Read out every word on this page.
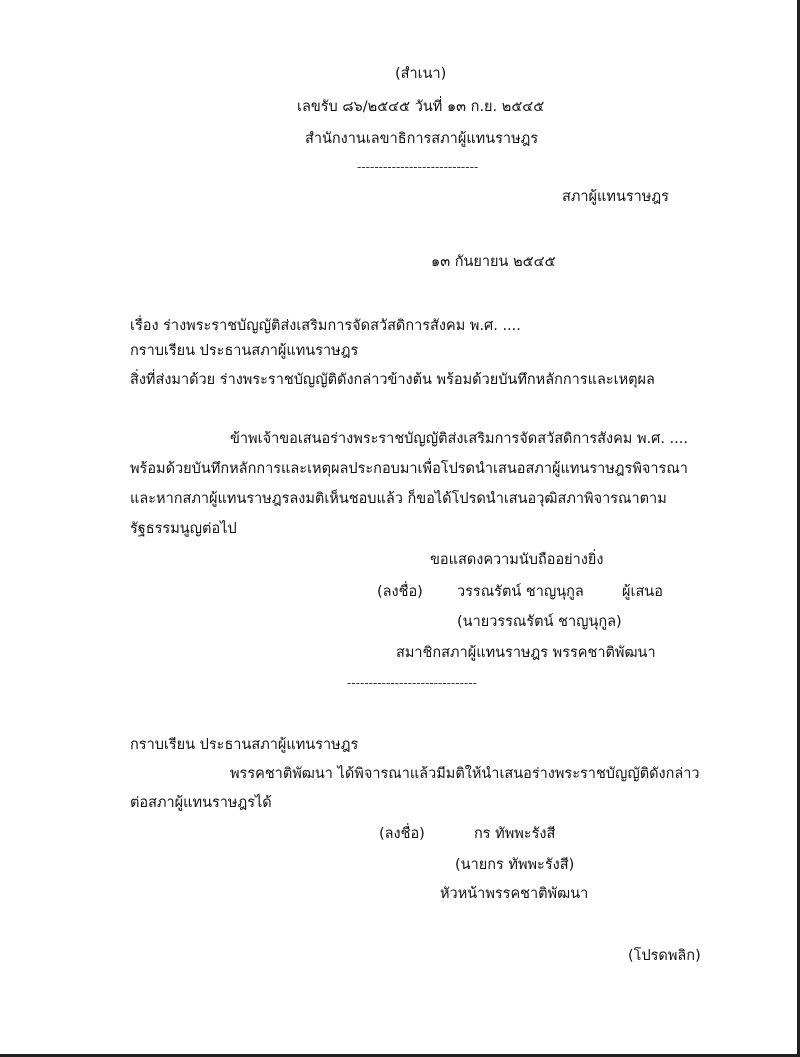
(สำเนา)
เลขรับ ๘๖/๒๕๔๕ วันที่ ๑๓ ก.ย. ๒๕๔๕
สำนักงานเลขาธิการสภาผู้แทนราษฎร
----------------------------
สภาผู้แทนราษฎร
๑๓ กันยายน ๒๕๔๕
เรื่อง ร่างพระราชบัญญัติส่งเสริมการจัดสวัสดิการสังคม พ.ศ. ....
กราบเรียน ประธานสภาผู้แทนราษฎร
สิ่งที่ส่งมาด้วย ร่างพระราชบัญญัติดังกล่าวข้างต้น พร้อมด้วยบันทึกหลักการและเหตุผล
ข้าพเจ้าขอเสนอร่างพระราชบัญญัติส่งเสริมการจัดสวัสดิการสังคม พ.ศ. ....
พร้อมด้วยบันทึกหลักการและเหตุผลประกอบมาเพื่อโปรดนำเสนอสภาผู้แทนราษฎรพิจารณา
และหากสภาผู้แทนราษฎรลงมติเห็นชอบแล้ว ก็ขอได้โปรดนำเสนอวุฒิสภาพิจารณาตาม
รัฐธรรมนูญต่อไป
ขอแสดงความนับถืออย่างยิ่ง
(ลงชื่อ) วรรณรัตน์ ชาญนุกูล	ผู้เสนอ
(นายวรรณรัตน์ ชาญนุกูล)
สมาชิกสภาผู้แทนราษฎร พรรคชาติพัฒนา
------------------------------
กราบเรียน ประธานสภาผู้แทนราษฎร
พรรคชาติพัฒนา ได้พิจารณาแล้วมีมติให้นำเสนอร่างพระราชบัญญัติดังกล่าว
ต่อสภาผู้แทนราษฎรได้
(ลงชื่อ)	กร ทัพพะรังสี
(นายกร ทัพพะรังสี)
หัวหน้าพรรคชาติพัฒนา
(โปรดพลิก)
